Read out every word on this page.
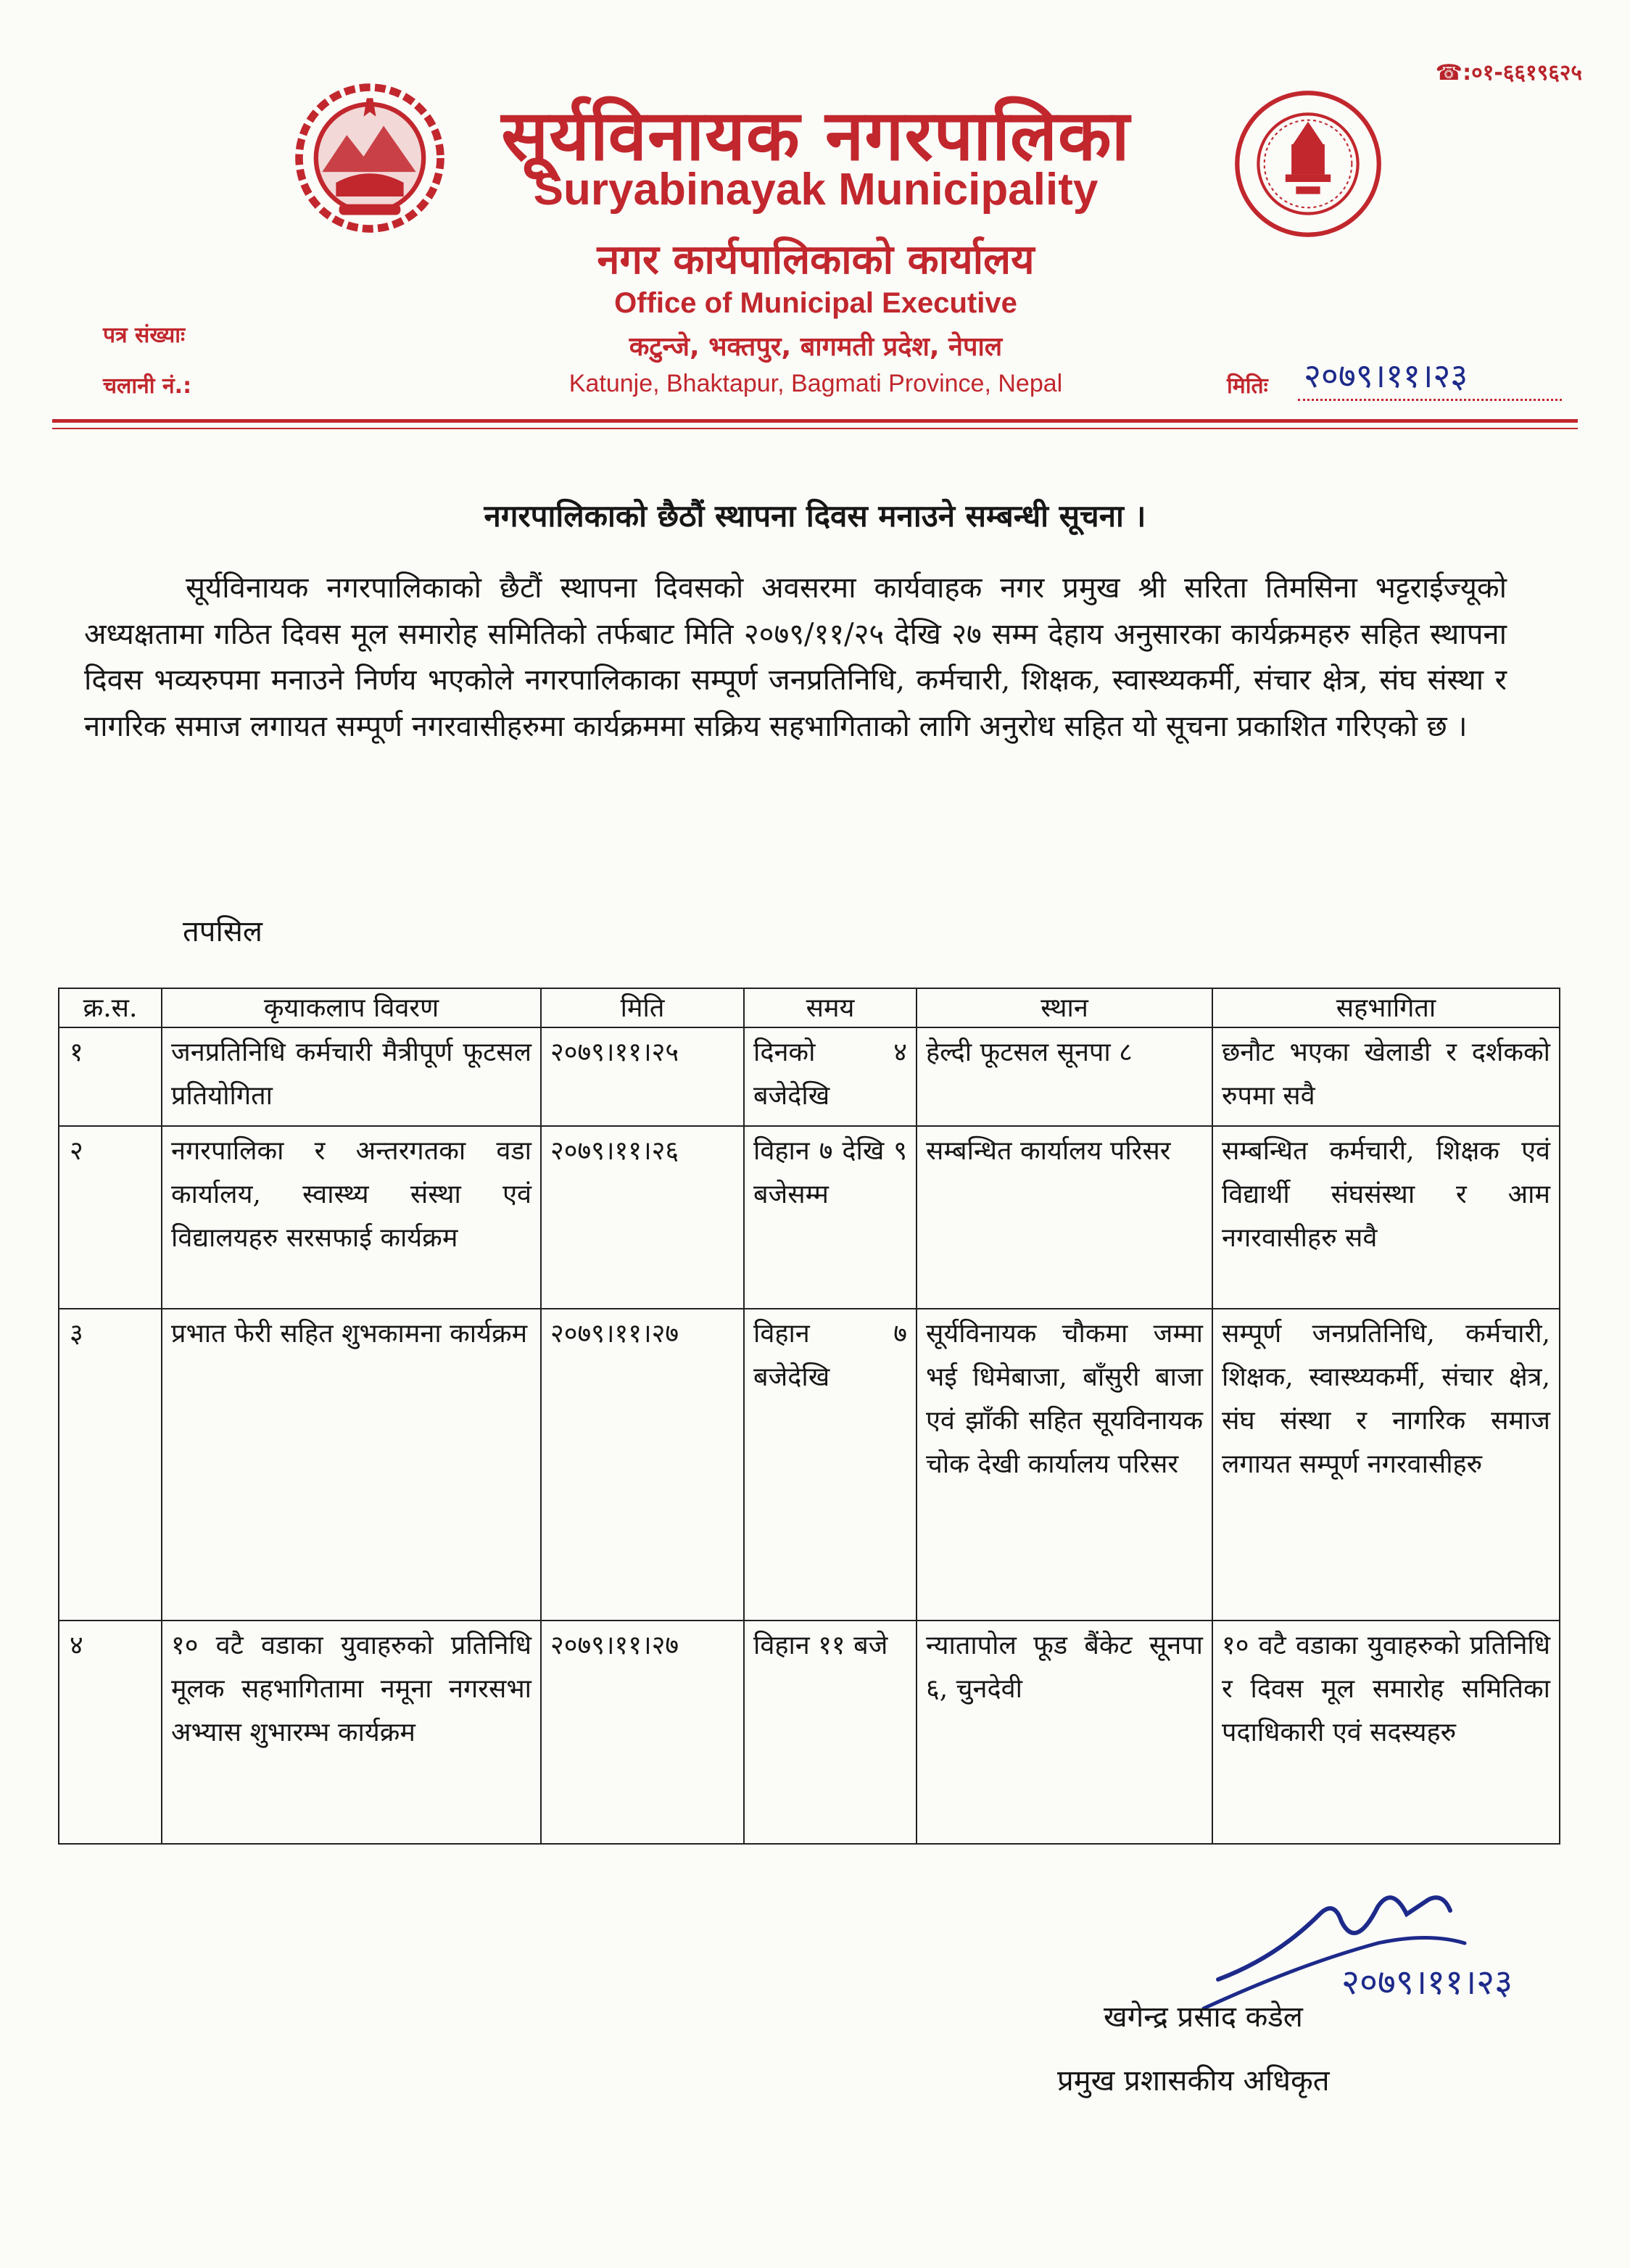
☎:०१-६६१९६२५
सूर्यविनायक नगरपालिका
Suryabinayak Municipality
नगर कार्यपालिकाको कार्यालय
Office of Municipal Executive
कटुन्जे, भक्तपुर, बागमती प्रदेश, नेपाल
Katunje, Bhaktapur, Bagmati Province, Nepal
पत्र संख्याः
चलानी नं.:	मितिः २०७९।११।२३
नगरपालिकाको छैठौं स्थापना दिवस मनाउने सम्बन्धी सूचना ।
सूर्यविनायक नगरपालिकाको छैटौं स्थापना दिवसको अवसरमा कार्यवाहक नगर प्रमुख श्री सरिता तिमसिना भट्टराईज्यूको अध्यक्षतामा गठित दिवस मूल समारोह समितिको तर्फबाट मिति २०७९/११/२५ देखि २७ सम्म देहाय अनुसारका कार्यक्रमहरु सहित स्थापना दिवस भव्यरुपमा मनाउने निर्णय भएकोले नगरपालिकाका सम्पूर्ण जनप्रतिनिधि, कर्मचारी, शिक्षक, स्वास्थ्यकर्मी, संचार क्षेत्र, संघ संस्था र नागरिक समाज लगायत सम्पूर्ण नगरवासीहरुमा कार्यक्रममा सक्रिय सहभागिताको लागि अनुरोध सहित यो सूचना प्रकाशित गरिएको छ ।
तपसिल
क्र.स.	कृयाकलाप विवरण	मिति	समय	स्थान	सहभागिता
१	जनप्रतिनिधि कर्मचारी मैत्रीपूर्ण फूटसल प्रतियोगिता	२०७९।११।२५	दिनको ४ बजेदेखि	हेल्दी फूटसल सूनपा ८	छनौट भएका खेलाडी र दर्शकको रुपमा सवै
२	नगरपालिका र अन्तरगतका वडा कार्यालय, स्वास्थ्य संस्था एवं विद्यालयहरु सरसफाई कार्यक्रम	२०७९।११।२६	विहान ७ देखि ९ बजेसम्म	सम्बन्धित कार्यालय परिसर	सम्बन्धित कर्मचारी, शिक्षक एवं विद्यार्थी संघसंस्था र आम नगरवासीहरु सवै
३	प्रभात फेरी सहित शुभकामना कार्यक्रम	२०७९।११।२७	विहान ७ बजेदेखि	सूर्यविनायक चौकमा जम्मा भई धिमेबाजा, बाँसुरी बाजा एवं झाँकी सहित सूयविनायक चोक देखी कार्यालय परिसर	सम्पूर्ण जनप्रतिनिधि, कर्मचारी, शिक्षक, स्वास्थ्यकर्मी, संचार क्षेत्र, संघ संस्था र नागरिक समाज लगायत सम्पूर्ण नगरवासीहरु
४	१० वटै वडाका युवाहरुको प्रतिनिधि मूलक सहभागितामा नमूना नगरसभा अभ्यास शुभारम्भ कार्यक्रम	२०७९।११।२७	विहान ११ बजे	न्यातापोल फूड बैंकेट सूनपा ६, चुनदेवी	१० वटै वडाका युवाहरुको प्रतिनिधि र दिवस मूल समारोह समितिका पदाधिकारी एवं सदस्यहरु
२०७९।११।२३
खगेन्द्र प्रसाद कडेल
प्रमुख प्रशासकीय अधिकृत
